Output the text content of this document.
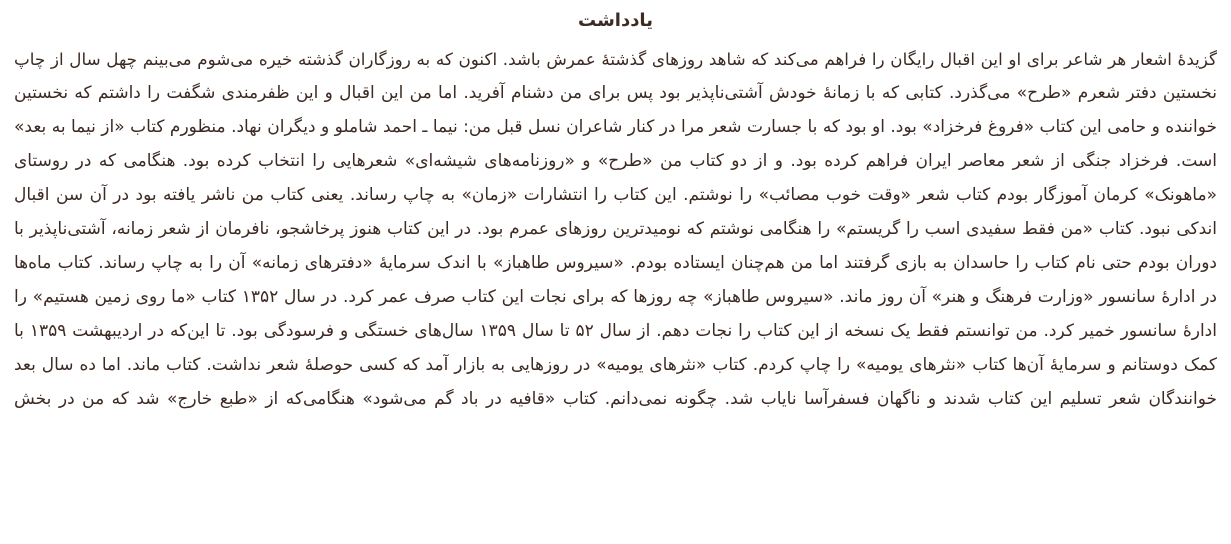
یادداشت
گزیدهٔ اشعار هر شاعر برای او این اقبال رایگان را فراهم می‌کند که شاهد روزهای گذشتهٔ عمرش باشد. اکنون که به روزگاران گذشته خیره می‌شوم می‌بینم چهل سال از چاپ
نخستین دفتر شعرم «طرح» می‌گذرد. کتابی که با زمانهٔ خودش آشتی‌ناپذیر بود پس برای من دشنام آفرید. اما من این اقبال و این ظفرمندی شگفت را داشتم که نخستین
خواننده و حامی این کتاب «فروغ فرخزاد» بود. او بود که با جسارت شعر مرا در کنار شاعران نسل قبل من: نیما ـ احمد شاملو و دیگران نهاد. منظورم کتاب «از نیما به بعد»
است. فرخزاد جنگی از شعر معاصر ایران فراهم کرده بود. و از دو کتاب من «طرح» و «روزنامه‌های شیشه‌ای» شعرهایی را انتخاب کرده بود. هنگامی که در روستای
«ماهونک» کرمان آموزگار بودم کتاب شعر «وقت خوب مصائب» را نوشتم. این کتاب را انتشارات «زمان» به چاپ رساند. یعنی کتاب من ناشر یافته بود در آن سن اقبال
اندکی نبود. کتاب «من فقط سفیدی اسب را گریستم» را هنگامی نوشتم که نومیدترین روزهای عمرم بود. در این کتاب هنوز پرخاشجو، نافرمان از شعر زمانه، آشتی‌ناپذیر با
دوران بودم حتی نام کتاب را حاسدان به بازی گرفتند اما من هم‌چنان ایستاده بودم. «سیروس طاهباز» با اندک سرمایهٔ «دفترهای زمانه» آن را به چاپ رساند. کتاب ماه‌ها
در ادارهٔ سانسور «وزارت فرهنگ و هنر» آن روز ماند. «سیروس طاهباز» چه روزها که برای نجات این کتاب صرف عمر کرد. در سال ۱۳۵۲ کتاب «ما روی زمین هستیم» را
ادارهٔ سانسور خمیر کرد. من توانستم فقط یک نسخه از این کتاب را نجات دهم. از سال ۵۲ تا سال ۱۳۵۹ سال‌های خستگی و فرسودگی بود. تا این‌که در اردیبهشت ۱۳۵۹ با
کمک دوستانم و سرمایهٔ آن‌ها کتاب «نثرهای یومیه» را چاپ کردم. کتاب «نثرهای یومیه» در روزهایی به بازار آمد که کسی حوصلهٔ شعر نداشت. کتاب ماند. اما ده سال بعد
خوانندگان شعر تسلیم این کتاب شدند و ناگهان فسفرآسا نایاب شد. چگونه نمی‌دانم. کتاب «قافیه در باد گم می‌شود» هنگامی‌که از «طبع خارج» شد که من در بخش
